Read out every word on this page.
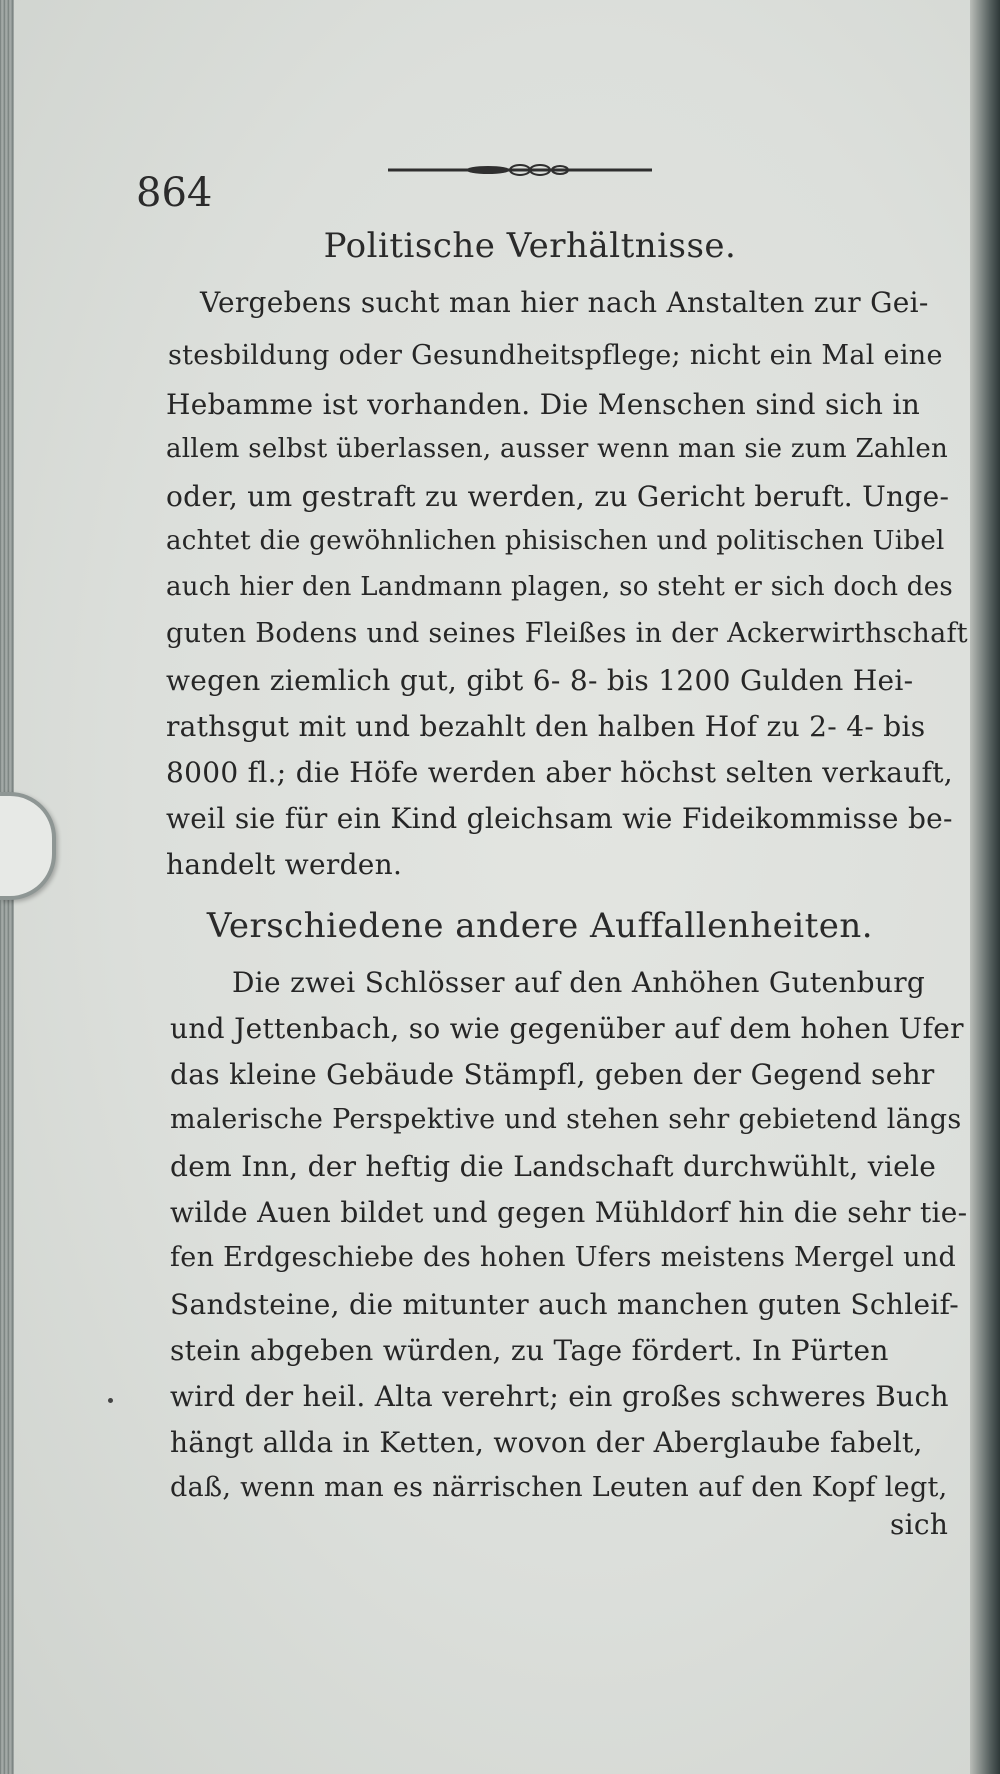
864
Politische Verhältnisse.
Vergebens sucht man hier nach Anstalten zur Gei-
stesbildung oder Gesundheitspflege; nicht ein Mal eine
Hebamme ist vorhanden. Die Menschen sind sich in
allem selbst überlassen, ausser wenn man sie zum Zahlen
oder, um gestraft zu werden, zu Gericht beruft. Unge-
achtet die gewöhnlichen phisischen und politischen Uibel
auch hier den Landmann plagen, so steht er sich doch des
guten Bodens und seines Fleißes in der Ackerwirthschaft
wegen ziemlich gut, gibt 6- 8- bis 1200 Gulden Hei-
rathsgut mit und bezahlt den halben Hof zu 2- 4- bis
8000 fl.; die Höfe werden aber höchst selten verkauft,
weil sie für ein Kind gleichsam wie Fideikommisse be-
handelt werden.
Verschiedene andere Auffallenheiten.
Die zwei Schlösser auf den Anhöhen Gutenburg
und Jettenbach, so wie gegenüber auf dem hohen Ufer
das kleine Gebäude Stämpfl, geben der Gegend sehr
malerische Perspektive und stehen sehr gebietend längs
dem Inn, der heftig die Landschaft durchwühlt, viele
wilde Auen bildet und gegen Mühldorf hin die sehr tie-
fen Erdgeschiebe des hohen Ufers meistens Mergel und
Sandsteine, die mitunter auch manchen guten Schleif-
stein abgeben würden, zu Tage fördert. In Pürten
wird der heil. Alta verehrt; ein großes schweres Buch
hängt allda in Ketten, wovon der Aberglaube fabelt,
daß, wenn man es närrischen Leuten auf den Kopf legt,
sich
